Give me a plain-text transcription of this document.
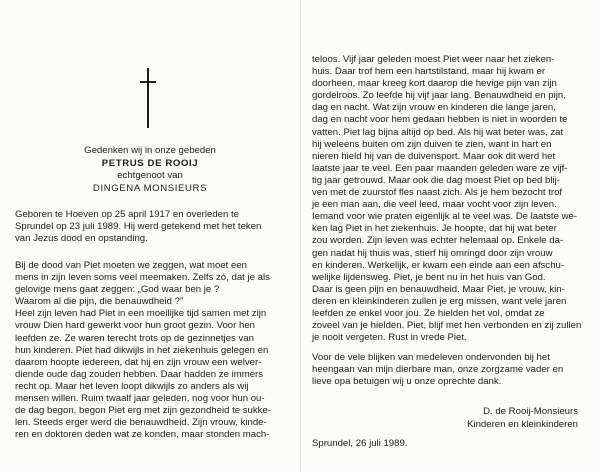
Gedenken wij in onze gebeden
PETRUS DE ROOIJ
echtgenoot van
DINGENA MONSIEURS
Geboren te Hoeven op 25 april 1917 en overleden te
Sprundel op 23 juli 1989. Hij werd getekend met het teken
van Jezus dood en opstanding.
Bij de dood van Piet moeten we zeggen, wat moet een
mens in zijn leven soms veel meemaken. Zelfs zó, dat je als
gelovige mens gaat zeggen: „God waar ben je ?
Waarom al die pijn, die benauwdheid ?”
Heel zijn leven had Piet in een moeilijke tijd samen met zijn
vrouw Dien hard gewerkt voor hun groot gezin. Voor hen
leefden ze. Ze waren terecht trots op de gezinnetjes van
hun kinderen. Piet had dikwijls in het ziekenhuis gelegen en
daarom hoopte iedereen, dat hij en zijn vrouw een welver-
diende oude dag zouden hebben. Daar hadden ze immers
recht op. Maar het leven loopt dikwijls zo anders als wij
mensen willen. Ruim twaalf jaar geleden, nog voor hun ou-
de dag begon, begon Piet erg met zijn gezondheid te sukke-
len. Steeds erger werd die benauwdheid. Zijn vrouw, kinde-
ren en doktoren deden wat ze konden, maar stonden mach-
teloos. Vijf jaar geleden moest Piet weer naar het zieken-
huis. Daar trof hem een hartstilstand, maar hij kwam er
doorheen, maar kreeg kort daarop die hevige pijn van zijn
gordelroos. Zo leefde hij vijf jaar lang. Benauwdheid en pijn,
dag en nacht. Wat zijn vrouw en kinderen die lange jaren,
dag en nacht voor hem gedaan hebben is niet in woorden te
vatten. Piet lag bijna altijd op bed. Als hij wat beter was, zat
hij weleens buiten om zijn duiven te zien, want in hart en
nieren hield hij van de duivensport. Maar ook dit werd het
laatste jaar te veel. Een paar maanden geleden ware ze vijf-
tig jaar getrouwd. Maar ook die dag moest Piet op bed blij-
ven met de zuurstof fles naast zich. Als je hem bezocht trof
je een man aan, die veel leed, maar vocht voor zijn leven.
Iemand voor wie praten eigenlijk al te veel was. De laatste we-
ken lag Piet in het ziekenhuis. Je hoopte, dat hij wat beter
zou worden. Zijn leven was echter helemaal op. Enkele da-
gen nadat hij thuis was, stierf hij omringd door zijn vrouw
en kinderen. Werkelijk, er kwam een einde aan een afschu-
welijke lijdensweg. Piet, je bent nu in het huis van God.
Daar is geen pijn en benauwdheid. Maar Piet, je vrouw, kin-
deren en kleinkinderen zullen je erg missen, want vele jaren
leefden ze enkel voor jou. Ze hielden het vol, omdat ze
zoveel van je hielden. Piet, blijf met hen verbonden en zij zullen
je nooit vergeten. Rust in vrede Piet.
Voor de vele blijken van medeleven ondervonden bij het
heengaan van mijn dierbare man, onze zorgzame vader en
lieve opa betuigen wij u onze oprechte dank.
D. de Rooij-Monsieurs
Kinderen en kleinkinderen
Sprundel, 26 juli 1989.
